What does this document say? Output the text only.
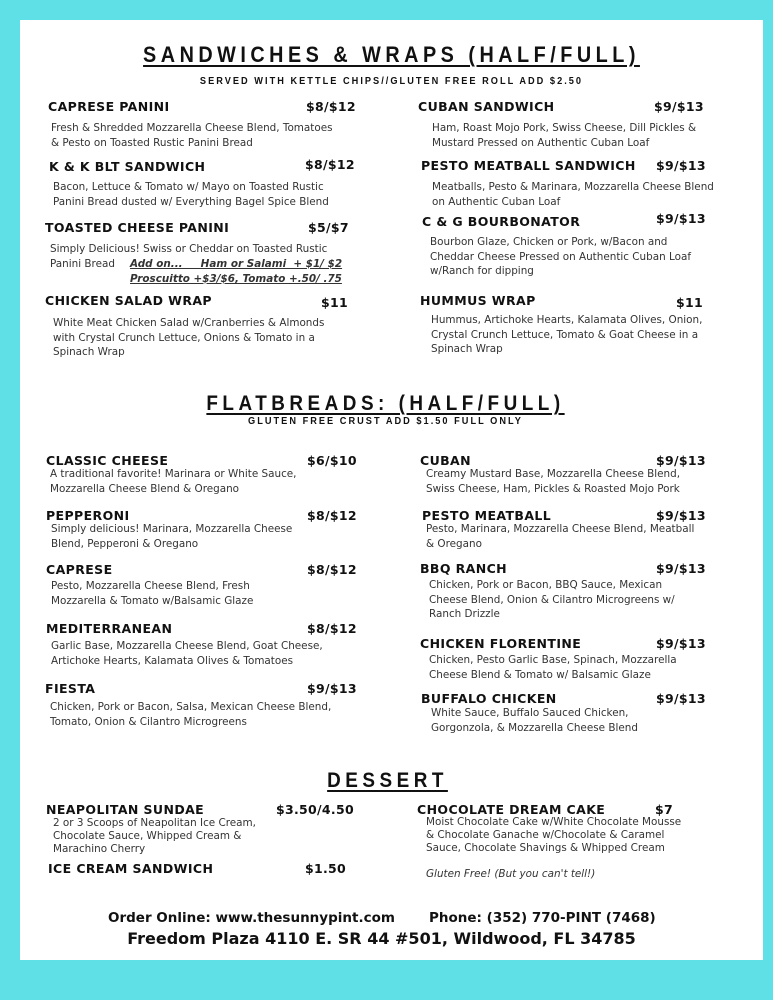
SANDWICHES & WRAPS (HALF/FULL)
SERVED WITH KETTLE CHIPS//GLUTEN FREE ROLL ADD $2.50
CAPRESE PANINI	$8/$12
Fresh & Shredded Mozzarella Cheese Blend, Tomatoes & Pesto on Toasted Rustic Panini Bread
K & K BLT SANDWICH	$8/$12
Bacon, Lettuce & Tomato w/ Mayo on Toasted Rustic Panini Bread dusted w/ Everything Bagel Spice Blend
TOASTED CHEESE PANINI	$5/$7
Simply Delicious! Swiss or Cheddar on Toasted Rustic
Panini Bread Add on...     Ham or Salami  + $1/ $2
Proscuitto +$3/$6, Tomato +.50/ .75
CHICKEN SALAD WRAP	$11
White Meat Chicken Salad w/Cranberries & Almonds with Crystal Crunch Lettuce, Onions & Tomato in a Spinach Wrap
CUBAN SANDWICH	$9/$13
Ham, Roast Mojo Pork, Swiss Cheese, Dill Pickles & Mustard Pressed on Authentic Cuban Loaf
PESTO MEATBALL SANDWICH $9/$13
Meatballs, Pesto & Marinara, Mozzarella Cheese Blend on Authentic Cuban Loaf
C & G BOURBONATOR	$9/$13
Bourbon Glaze, Chicken or Pork, w/Bacon and Cheddar Cheese Pressed on Authentic Cuban Loaf w/Ranch for dipping
HUMMUS WRAP	$11
Hummus, Artichoke Hearts, Kalamata Olives, Onion, Crystal Crunch Lettuce, Tomato & Goat Cheese in a Spinach Wrap
FLATBREADS: (HALF/FULL)
GLUTEN FREE CRUST ADD $1.50 FULL ONLY
CLASSIC CHEESE	$6/$10
A traditional favorite! Marinara or White Sauce, Mozzarella Cheese Blend & Oregano
PEPPERONI	$8/$12
Simply delicious! Marinara, Mozzarella Cheese Blend, Pepperoni & Oregano
CAPRESE	$8/$12
Pesto, Mozzarella Cheese Blend, Fresh Mozzarella & Tomato w/Balsamic Glaze
MEDITERRANEAN	$8/$12
Garlic Base, Mozzarella Cheese Blend, Goat Cheese, Artichoke Hearts, Kalamata Olives & Tomatoes
FIESTA	$9/$13
Chicken, Pork or Bacon, Salsa, Mexican Cheese Blend, Tomato, Onion & Cilantro Microgreens
CUBAN	$9/$13
Creamy Mustard Base, Mozzarella Cheese Blend, Swiss Cheese, Ham, Pickles & Roasted Mojo Pork
PESTO MEATBALL	$9/$13
Pesto, Marinara, Mozzarella Cheese Blend, Meatball & Oregano
BBQ RANCH	$9/$13
Chicken, Pork or Bacon, BBQ Sauce, Mexican Cheese Blend, Onion & Cilantro Microgreens w/ Ranch Drizzle
CHICKEN FLORENTINE	$9/$13
Chicken, Pesto Garlic Base, Spinach, Mozzarella Cheese Blend & Tomato w/ Balsamic Glaze
BUFFALO CHICKEN	$9/$13
White Sauce, Buffalo Sauced Chicken, Gorgonzola, & Mozzarella Cheese Blend
DESSERT
NEAPOLITAN SUNDAE	$3.50/4.50
2 or 3 Scoops of Neapolitan Ice Cream, Chocolate Sauce, Whipped Cream & Marachino Cherry
ICE CREAM SANDWICH	$1.50
CHOCOLATE DREAM CAKE	$7
Moist Chocolate Cake w/White Chocolate Mousse & Chocolate Ganache w/Chocolate & Caramel Sauce, Chocolate Shavings & Whipped Cream
Gluten Free! (But you can't tell!)
Order Online: www.thesunnypint.com	Phone: (352) 770-PINT (7468)
Freedom Plaza 4110 E. SR 44 #501, Wildwood, FL 34785
